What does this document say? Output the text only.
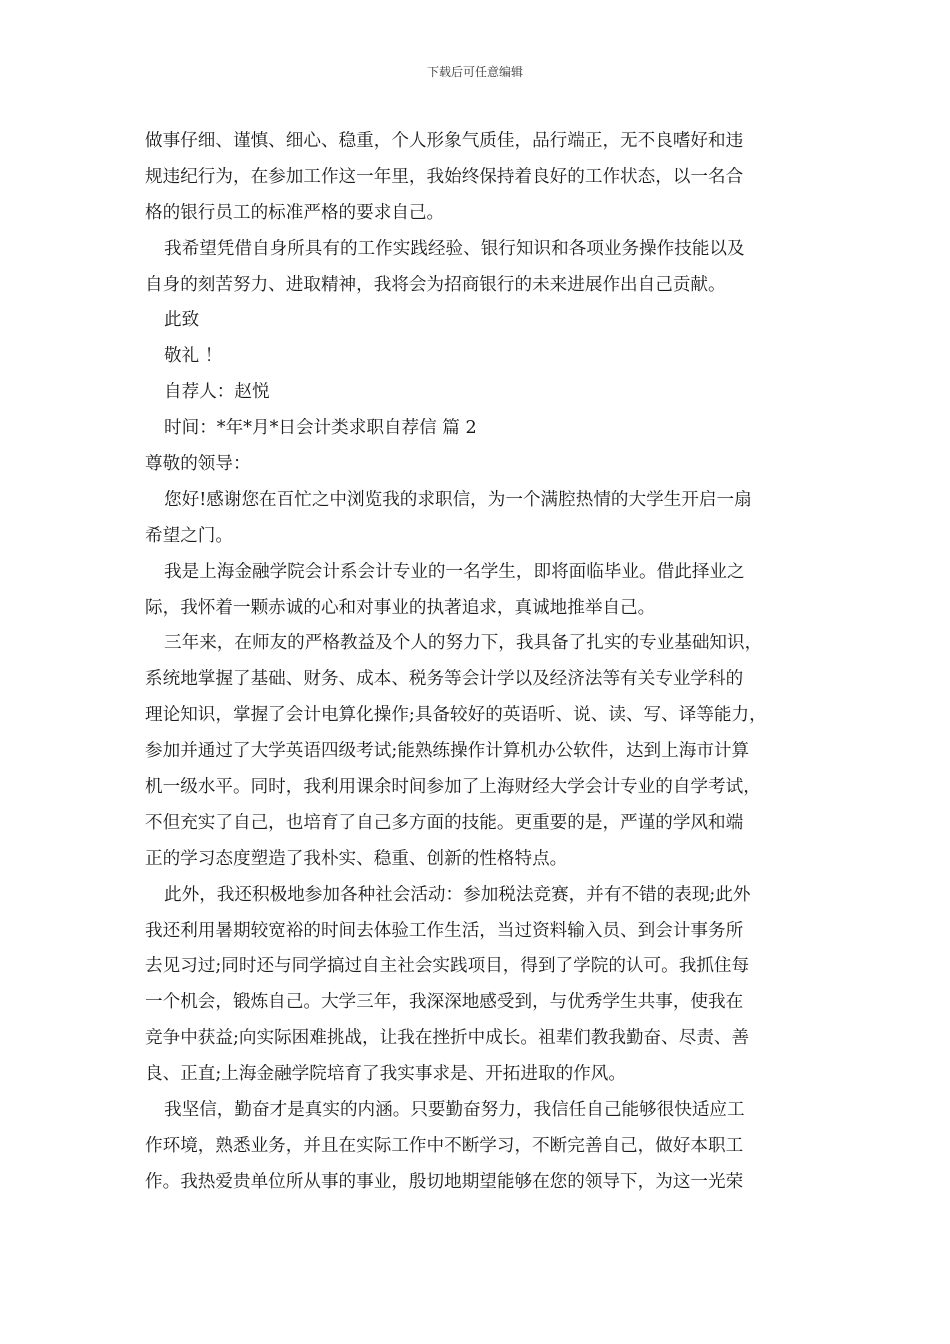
下载后可任意编辑
做事仔细、谨慎、细心、稳重，个人形象气质佳，品行端正，无不良嗜好和违
规违纪行为，在参加工作这一年里，我始终保持着良好的工作状态，以一名合
格的银行员工的标准严格的要求自己。
我希望凭借自身所具有的工作实践经验、银行知识和各项业务操作技能以及
自身的刻苦努力、进取精神，我将会为招商银行的未来进展作出自己贡献。
此致
敬礼 ！
自荐人：赵悦
时间：*年*月*日会计类求职自荐信 篇 2
尊敬的领导：
您好!感谢您在百忙之中浏览我的求职信，为一个满腔热情的大学生开启一扇
希望之门。
我是上海金融学院会计系会计专业的一名学生，即将面临毕业。借此择业之
际，我怀着一颗赤诚的心和对事业的执著追求，真诚地推举自己。
三年来，在师友的严格教益及个人的努力下，我具备了扎实的专业基础知识，
系统地掌握了基础、财务、成本、税务等会计学以及经济法等有关专业学科的
理论知识，掌握了会计电算化操作;具备较好的英语听、说、读、写、译等能力，
参加并通过了大学英语四级考试;能熟练操作计算机办公软件，达到上海市计算
机一级水平。同时，我利用课余时间参加了上海财经大学会计专业的自学考试，
不但充实了自己，也培育了自己多方面的技能。更重要的是，严谨的学风和端
正的学习态度塑造了我朴实、稳重、创新的性格特点。
此外，我还积极地参加各种社会活动：参加税法竞赛，并有不错的表现;此外
我还利用暑期较宽裕的时间去体验工作生活，当过资料输入员、到会计事务所
去见习过;同时还与同学搞过自主社会实践项目，得到了学院的认可。我抓住每
一个机会，锻炼自己。大学三年，我深深地感受到，与优秀学生共事，使我在
竞争中获益;向实际困难挑战，让我在挫折中成长。祖辈们教我勤奋、尽责、善
良、正直;上海金融学院培育了我实事求是、开拓进取的作风。
我坚信，勤奋才是真实的内涵。只要勤奋努力，我信任自己能够很快适应工
作环境，熟悉业务，并且在实际工作中不断学习，不断完善自己，做好本职工
作。我热爱贵单位所从事的事业，殷切地期望能够在您的领导下，为这一光荣
